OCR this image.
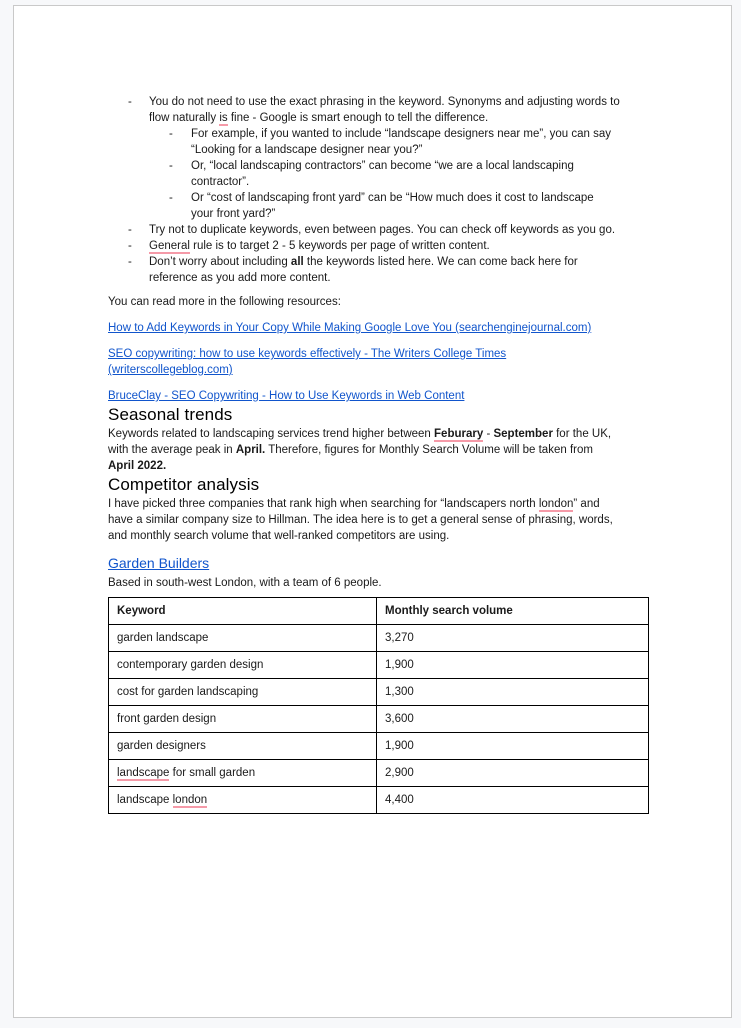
- You do not need to use the exact phrasing in the keyword. Synonyms and adjusting words to
flow naturally is fine - Google is smart enough to tell the difference.
- For example, if you wanted to include “landscape designers near me”, you can say
“Looking for a landscape designer near you?”
- Or, “local landscaping contractors” can become “we are a local landscaping
contractor”.
- Or “cost of landscaping front yard” can be “How much does it cost to landscape
your front yard?”
- Try not to duplicate keywords, even between pages. You can check off keywords as you go.
- General rule is to target 2 - 5 keywords per page of written content.
- Don’t worry about including all the keywords listed here. We can come back here for
reference as you add more content.

You can read more in the following resources:

How to Add Keywords in Your Copy While Making Google Love You (searchenginejournal.com)
SEO copywriting: how to use keywords effectively - The Writers College Times
(writerscollegeblog.com)
BruceClay - SEO Copywriting - How to Use Keywords in Web Content
Seasonal trends

Keywords related to landscaping services trend higher between Feburary - September for the UK,
with the average peak in April. Therefore, figures for Monthly Search Volume will be taken from
April 2022.

Competitor analysis

I have picked three companies that rank high when searching for “landscapers north london” and
have a similar company size to Hillman. The idea here is to get a general sense of phrasing, words,
and monthly search volume that well-ranked competitors are using.

Garden Builders

Based in south-west London, with a team of 6 people.

Keyword	Monthly search volume
garden landscape	3,270
contemporary garden design	1,900
cost for garden landscaping	1,300
front garden design	3,600
garden designers	1,900
landscape for small garden	2,900
landscape london	4,400
